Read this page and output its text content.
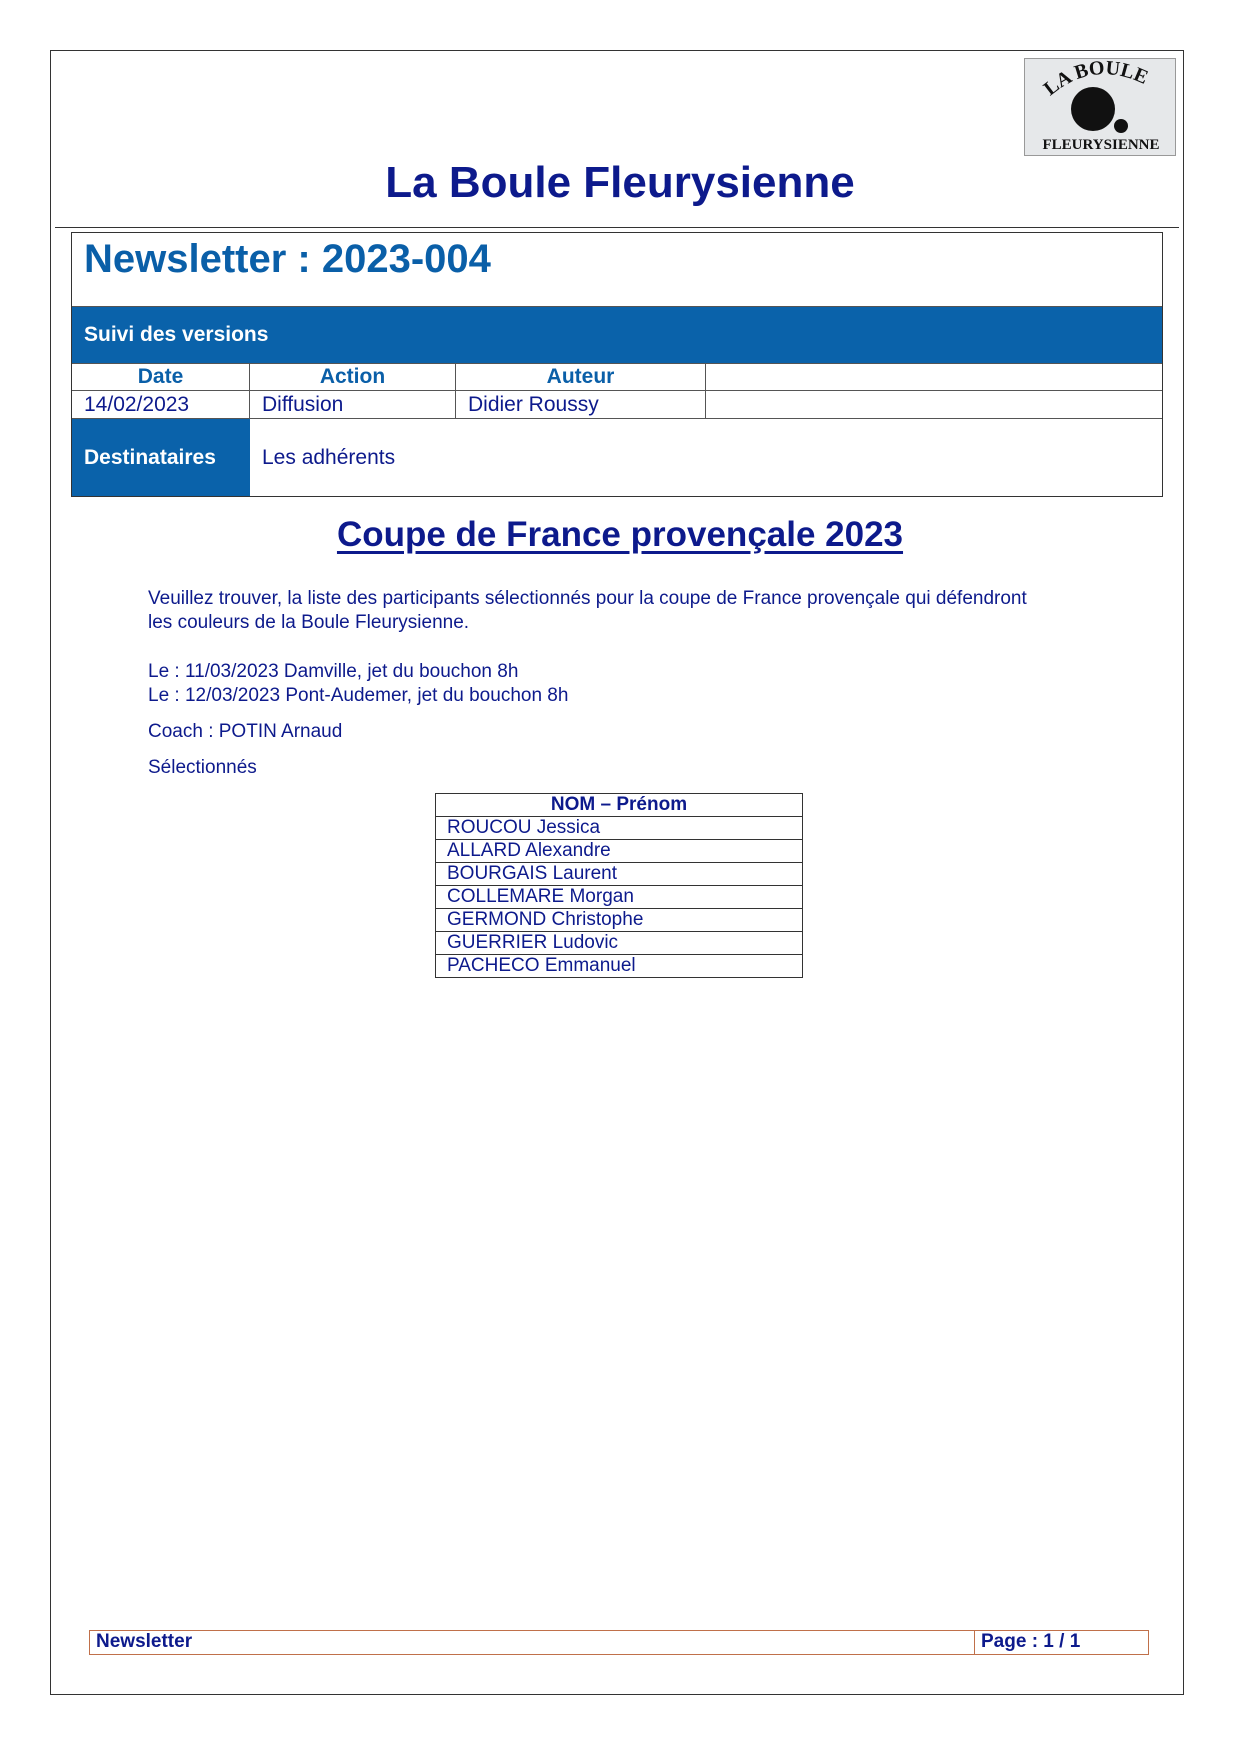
LA BOULE
FLEURYSIENNE
La Boule Fleurysienne
Newsletter : 2023-004
Suivi des versions
Date	Action	Auteur
14/02/2023	Diffusion	Didier Roussy
Destinataires	Les adhérents
Coupe de France provençale 2023
Veuillez trouver, la liste des participants sélectionnés pour la coupe de France provençale qui défendront les couleurs de la Boule Fleurysienne.
Le : 11/03/2023 Damville, jet du bouchon 8h
Le : 12/03/2023 Pont-Audemer, jet du bouchon 8h
Coach : POTIN Arnaud
Sélectionnés
NOM – Prénom
ROUCOU Jessica
ALLARD Alexandre
BOURGAIS Laurent
COLLEMARE Morgan
GERMOND Christophe
GUERRIER Ludovic
PACHECO Emmanuel
Newsletter	Page : 1 / 1
